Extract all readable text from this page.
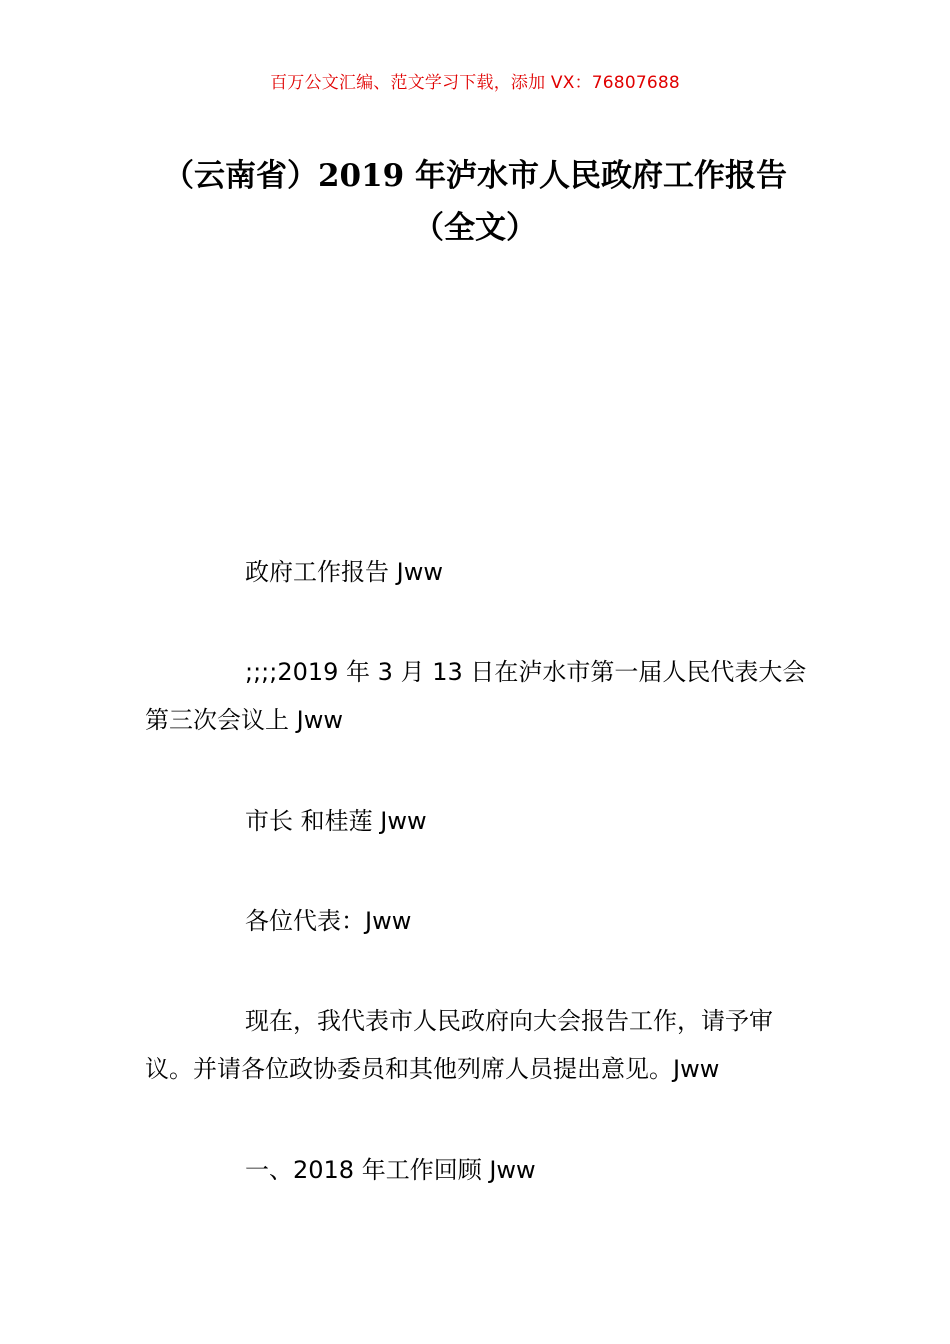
百万公文汇编、范文学习下载，添加 VX：76807688
（云南省）2019 年泸水市人民政府工作报告（全文）
政府工作报告 Jww
;;;;2019 年 3 月 13 日在泸水市第一届人民代表大会第三次会议上 Jww
市长 和桂莲 Jww
各位代表：Jww
现在，我代表市人民政府向大会报告工作，请予审议。并请各位政协委员和其他列席人员提出意见。Jww
一、2018 年工作回顾 Jww
